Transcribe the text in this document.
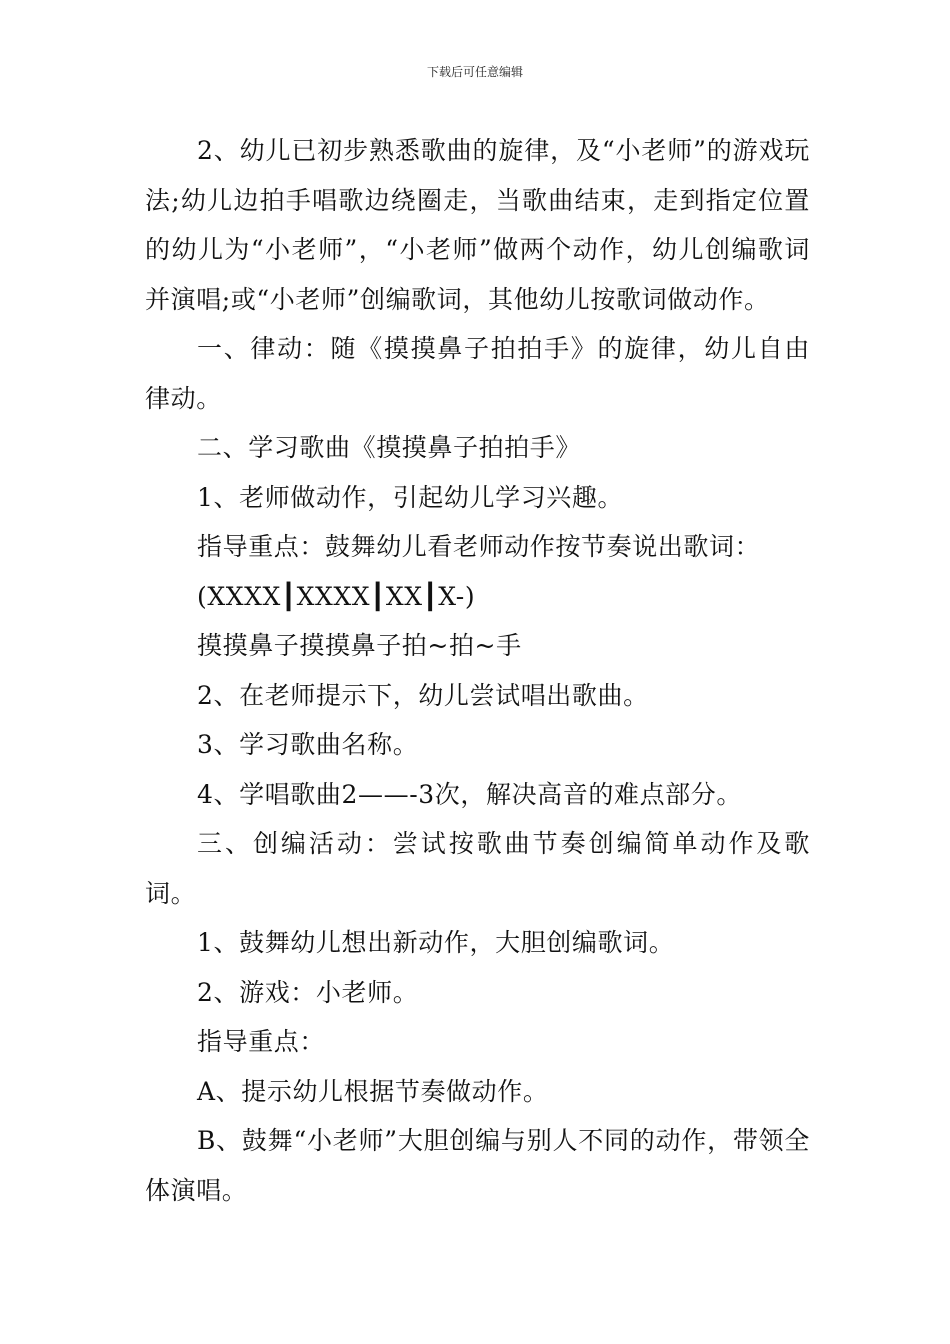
下载后可任意编辑

2、幼儿已初步熟悉歌曲的旋律，及“小老师”的游戏玩法;幼儿边拍手唱歌边绕圈走，当歌曲结束，走到指定位置的幼儿为“小老师”，“小老师”做两个动作，幼儿创编歌词并演唱;或“小老师”创编歌词，其他幼儿按歌词做动作。

一、律动：随《摸摸鼻子拍拍手》的旋律，幼儿自由律动。

二、学习歌曲《摸摸鼻子拍拍手》

1、老师做动作，引起幼儿学习兴趣。

指导重点：鼓舞幼儿看老师动作按节奏说出歌词：

(XXXX┃XXXX┃XX┃X-)

摸摸鼻子摸摸鼻子拍~拍~手

2、在老师提示下，幼儿尝试唱出歌曲。

3、学习歌曲名称。

4、学唱歌曲2——-3次，解决高音的难点部分。

三、创编活动：尝试按歌曲节奏创编简单动作及歌词。

1、鼓舞幼儿想出新动作，大胆创编歌词。

2、游戏：小老师。

指导重点：

A、提示幼儿根据节奏做动作。

B、鼓舞“小老师”大胆创编与别人不同的动作，带领全体演唱。
